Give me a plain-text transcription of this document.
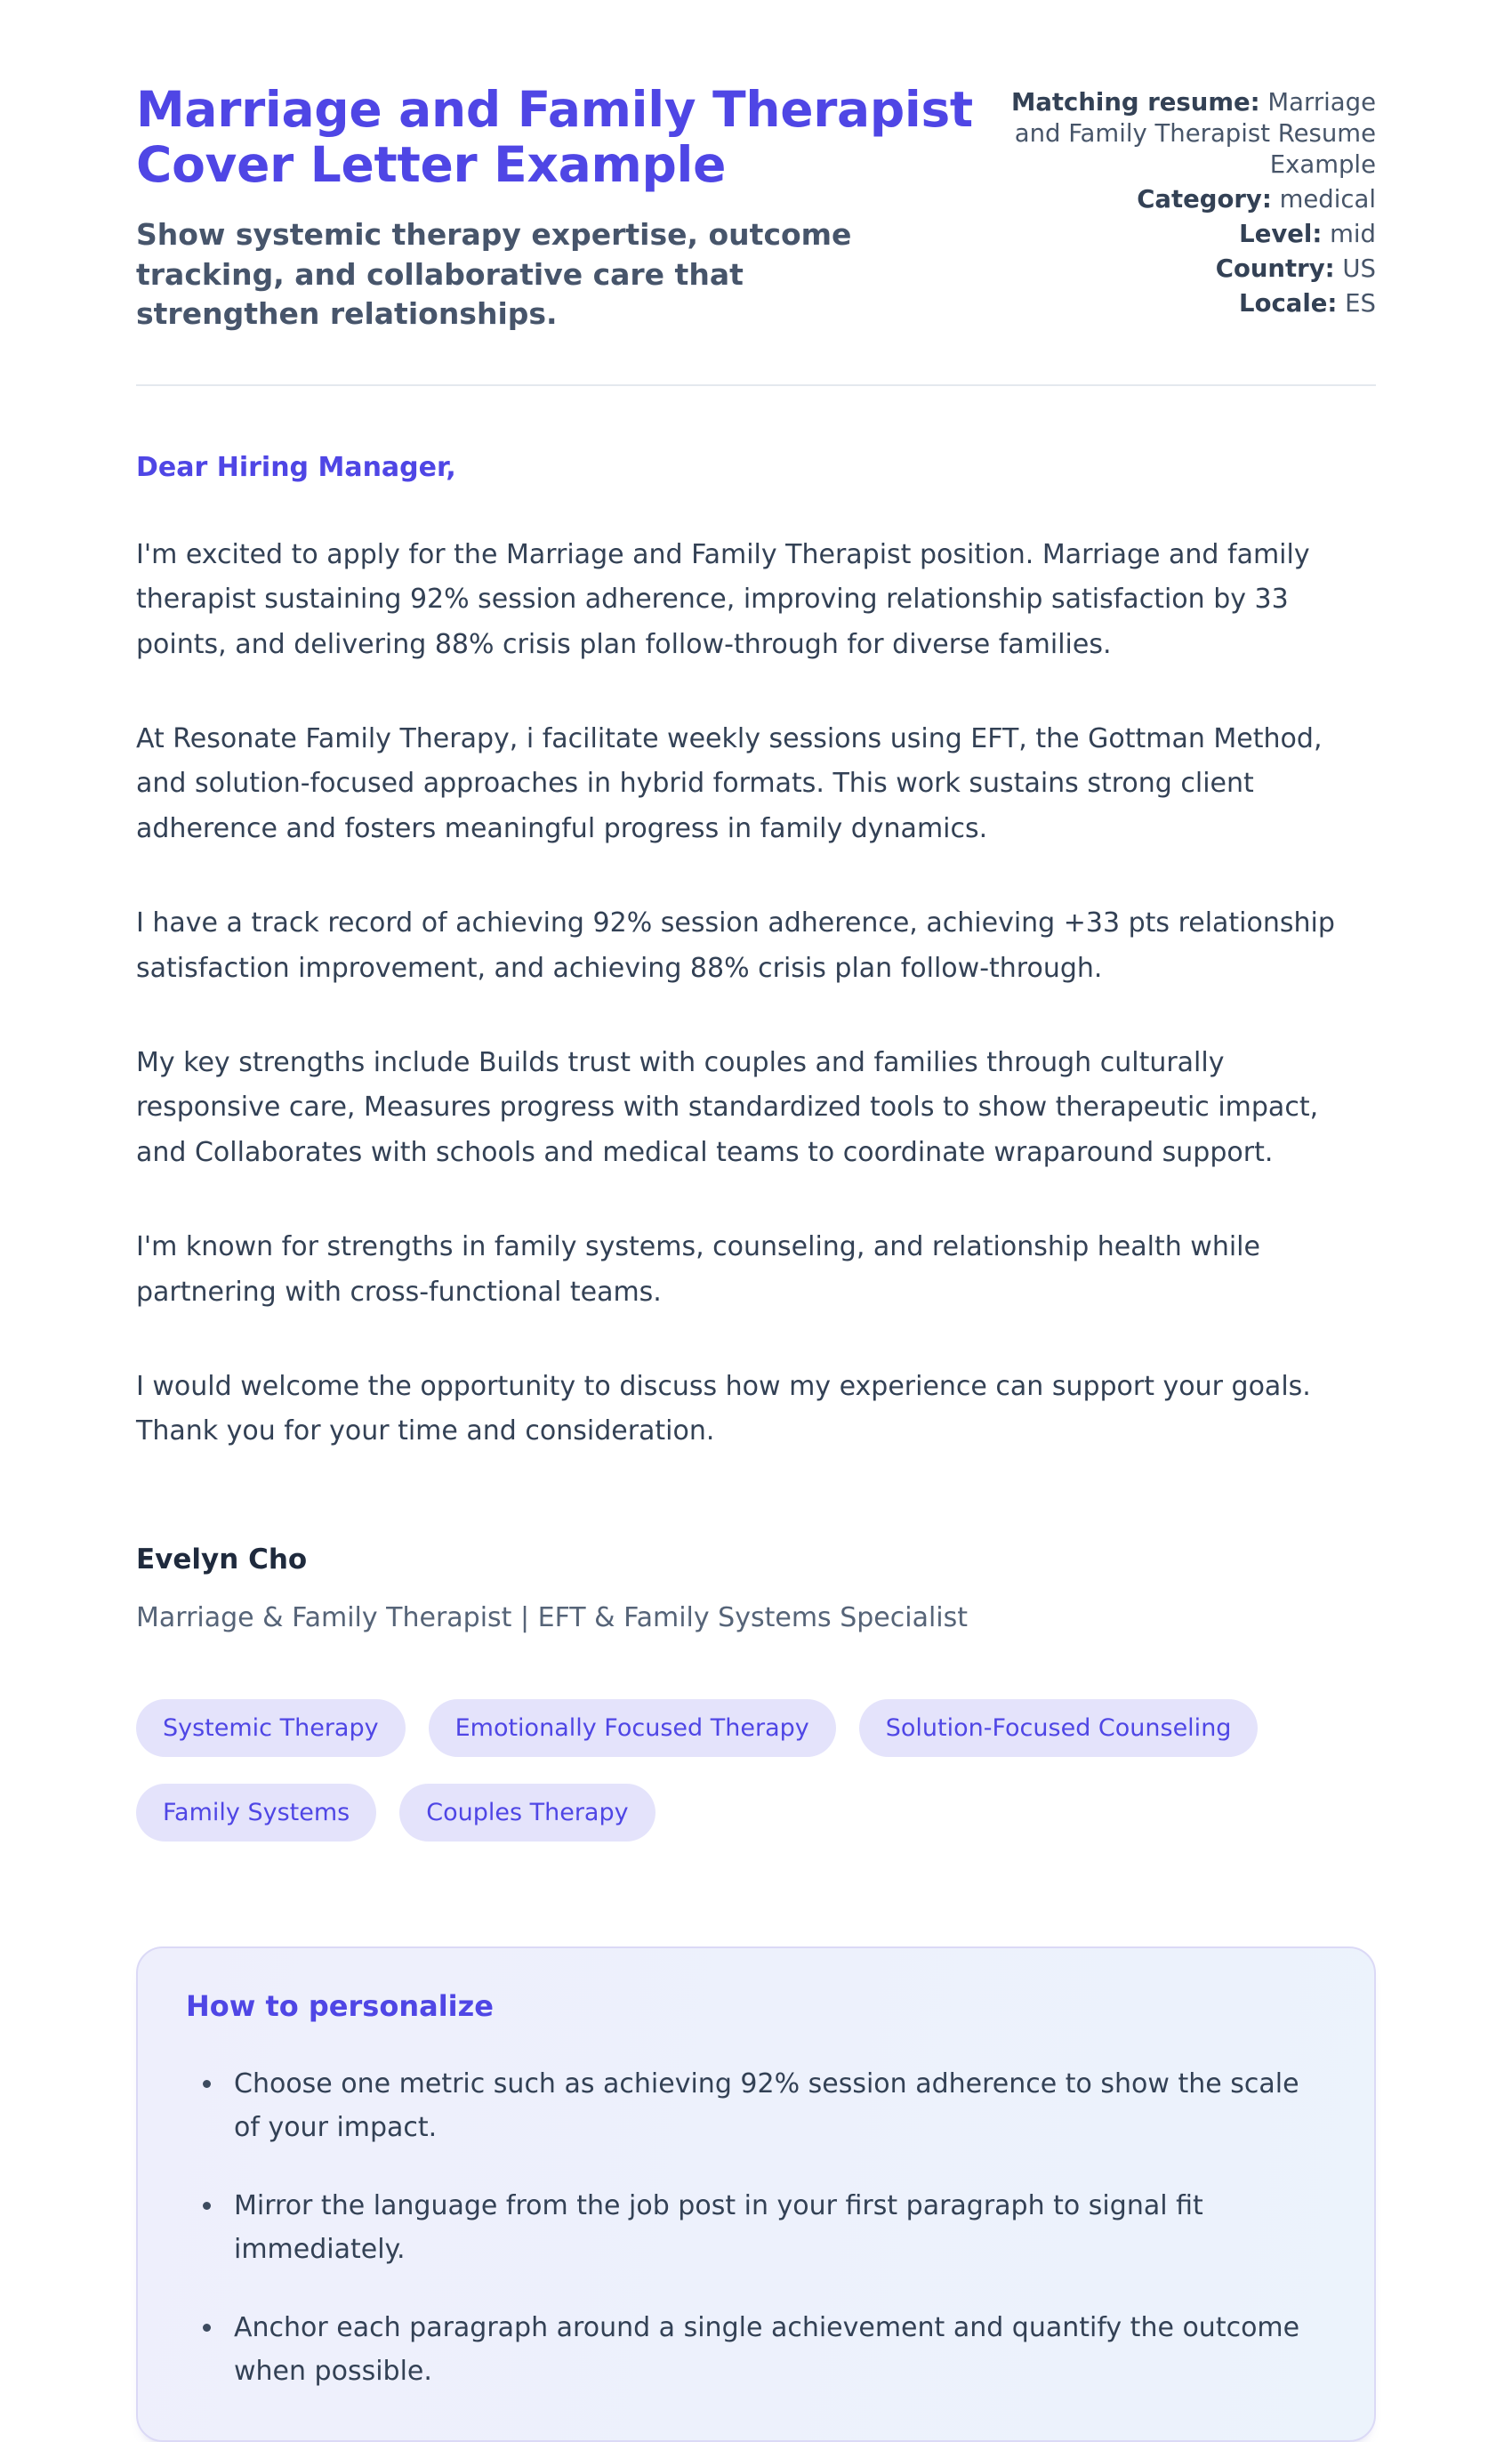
Marriage and Family Therapist Cover Letter Example

Show systemic therapy expertise, outcome tracking, and collaborative care that strengthen relationships.

Matching resume: Marriage and Family Therapist Resume Example

Category: medical

Level: mid

Country: US

Locale: ES

Dear Hiring Manager,

I'm excited to apply for the Marriage and Family Therapist position. Marriage and family therapist sustaining 92% session adherence, improving relationship satisfaction by 33 points, and delivering 88% crisis plan follow-through for diverse families.

At Resonate Family Therapy, i facilitate weekly sessions using EFT, the Gottman Method, and solution-focused approaches in hybrid formats. This work sustains strong client adherence and fosters meaningful progress in family dynamics.

I have a track record of achieving 92% session adherence, achieving +33 pts relationship satisfaction improvement, and achieving 88% crisis plan follow-through.

My key strengths include Builds trust with couples and families through culturally responsive care, Measures progress with standardized tools to show therapeutic impact, and Collaborates with schools and medical teams to coordinate wraparound support.

I'm known for strengths in family systems, counseling, and relationship health while partnering with cross-functional teams.

I would welcome the opportunity to discuss how my experience can support your goals. Thank you for your time and consideration.

Evelyn Cho

Marriage & Family Therapist | EFT & Family Systems Specialist

Systemic Therapy	Emotionally Focused Therapy	Solution-Focused Counseling
Family Systems	Couples Therapy
How to personalize
• Choose one metric such as achieving 92% session adherence to show the scale of your impact.
• Mirror the language from the job post in your first paragraph to signal fit immediately.
• Anchor each paragraph around a single achievement and quantify the outcome when possible.
